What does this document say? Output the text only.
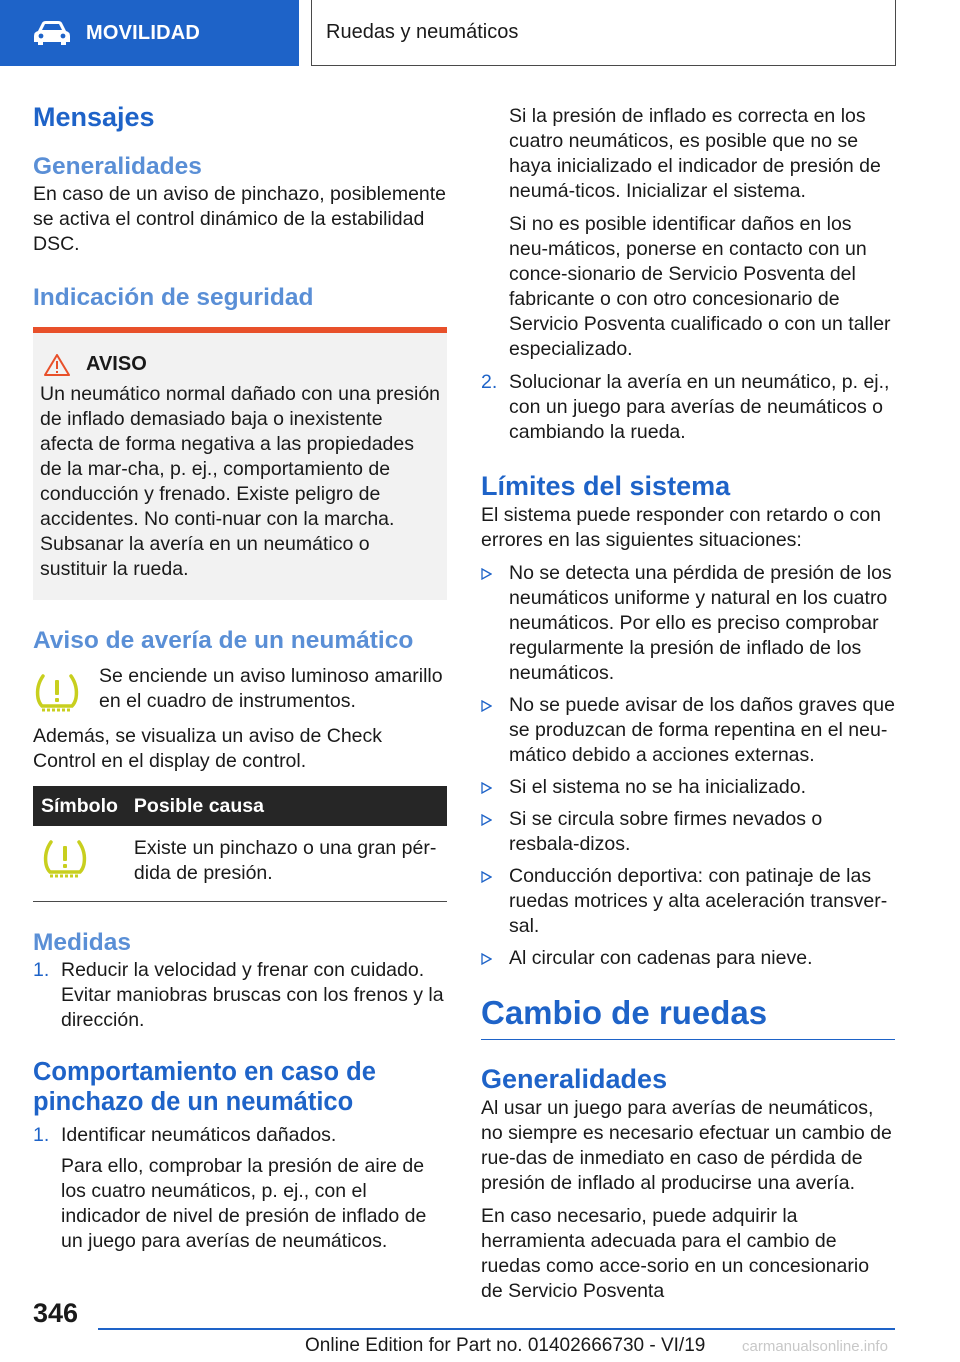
MOVILIDAD	Ruedas y neumáticos
Mensajes
Generalidades

En caso de un aviso de pinchazo, posiblemente se activa el control dinámico de la estabilidad DSC.

Indicación de seguridad
AVISO

Un neumático normal dañado con una presión de inflado demasiado baja o inexistente afecta de forma negativa a las propiedades de la mar‐cha, p. ej., comportamiento de conducción y frenado. Existe peligro de accidentes. No conti‐nuar con la marcha. Subsanar la avería en un neumático o sustituir la rueda.

Aviso de avería de un neumático

Se enciende un aviso luminoso amarillo en el cuadro de instrumentos.

Además, se visualiza un aviso de Check Control en el display de control.

Símbolo	Posible causa
	Existe un pinchazo o una gran pér‐dida de presión.
Medidas
1. Reducir la velocidad y frenar con cuidado. Evitar maniobras bruscas con los frenos y la dirección.
Comportamiento en caso de pinchazo de un neumático
1. Identificar neumáticos dañados.

Para ello, comprobar la presión de aire de los cuatro neumáticos, p. ej., con el indicador de nivel de presión de inflado de un juego para averías de neumáticos.

Si la presión de inflado es correcta en los cuatro neumáticos, es posible que no se haya inicializado el indicador de presión de neumá‐ticos. Inicializar el sistema.

Si no es posible identificar daños en los neu‐máticos, ponerse en contacto con un conce‐sionario de Servicio Posventa del fabricante o con otro concesionario de Servicio Posventa cualificado o con un taller especializado.

2. Solucionar la avería en un neumático, p. ej., con un juego para averías de neumáticos o cambiando la rueda.
Límites del sistema

El sistema puede responder con retardo o con errores en las siguientes situaciones:

No se detecta una pérdida de presión de los neumáticos uniforme y natural en los cuatro neumáticos. Por ello es preciso comprobar regularmente la presión de inflado de los neumáticos.
No se puede avisar de los daños graves que se produzcan de forma repentina en el neu‐mático debido a acciones externas.
Si el sistema no se ha inicializado.
Si se circula sobre firmes nevados o resbala‐dizos.
Conducción deportiva: con patinaje de las ruedas motrices y alta aceleración transver‐sal.
Al circular con cadenas para nieve.
Cambio de ruedas
Generalidades

Al usar un juego para averías de neumáticos, no siempre es necesario efectuar un cambio de rue‐das de inmediato en caso de pérdida de presión de inflado al producirse una avería.

En caso necesario, puede adquirir la herramienta adecuada para el cambio de ruedas como acce‐sorio en un concesionario de Servicio Posventa

346
Online Edition for Part no. 01402666730 - VI/19 carmanualsonline.info
